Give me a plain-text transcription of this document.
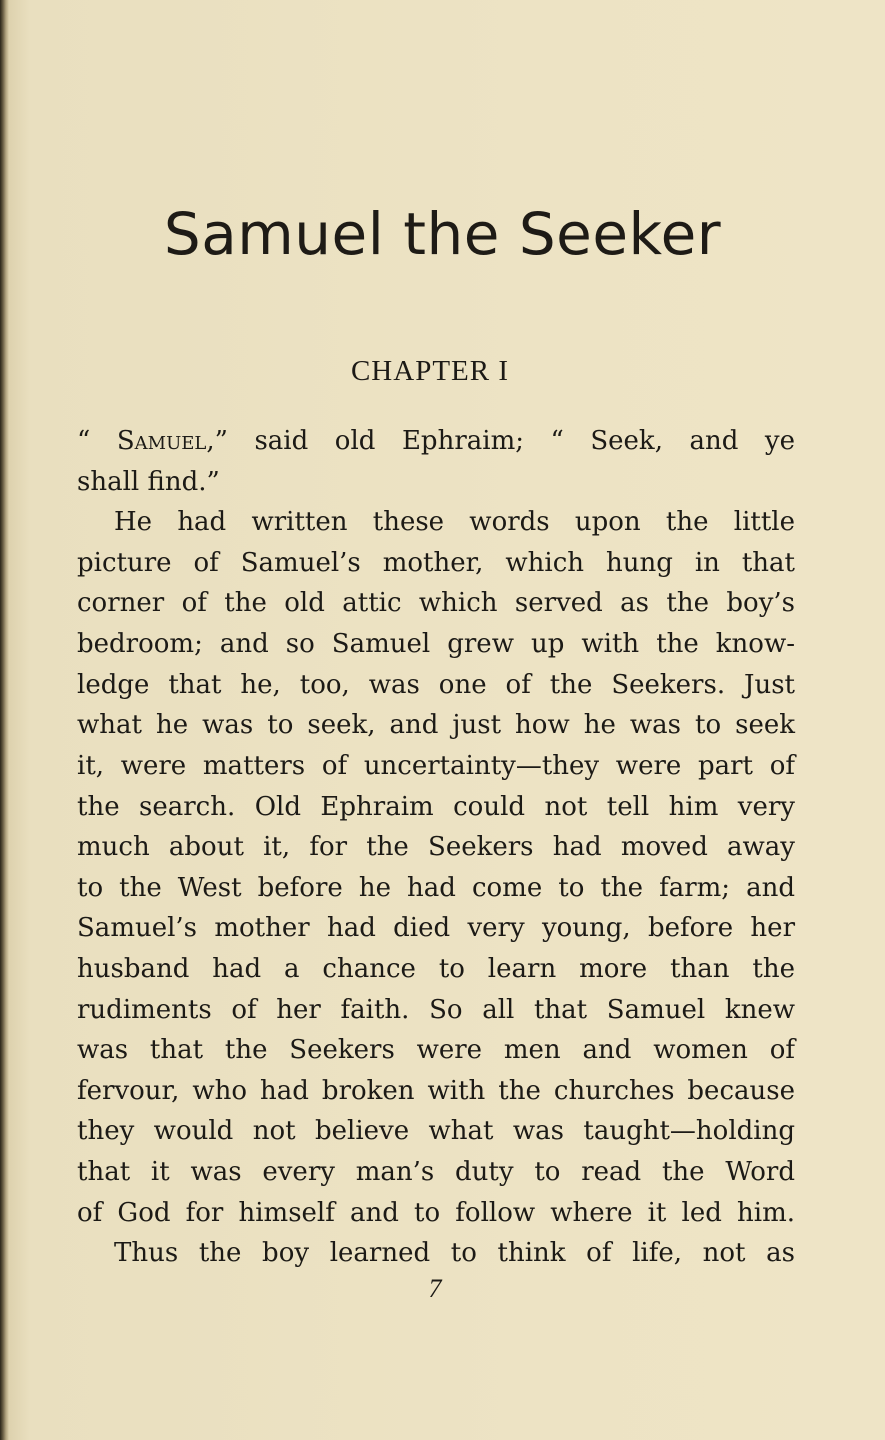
Samuel the Seeker
CHAPTER I
“ Samuel,” said old Ephraim; “ Seek, and ye
shall find.”
He had written these words upon the little
picture of Samuel’s mother, which hung in that
corner of the old attic which served as the boy’s
bedroom; and so Samuel grew up with the know-
ledge that he, too, was one of the Seekers. Just
what he was to seek, and just how he was to seek
it, were matters of uncertainty—they were part of
the search. Old Ephraim could not tell him very
much about it, for the Seekers had moved away
to the West before he had come to the farm; and
Samuel’s mother had died very young, before her
husband had a chance to learn more than the
rudiments of her faith. So all that Samuel knew
was that the Seekers were men and women of
fervour, who had broken with the churches because
they would not believe what was taught—holding
that it was every man’s duty to read the Word
of God for himself and to follow where it led him.
Thus the boy learned to think of life, not as
7
